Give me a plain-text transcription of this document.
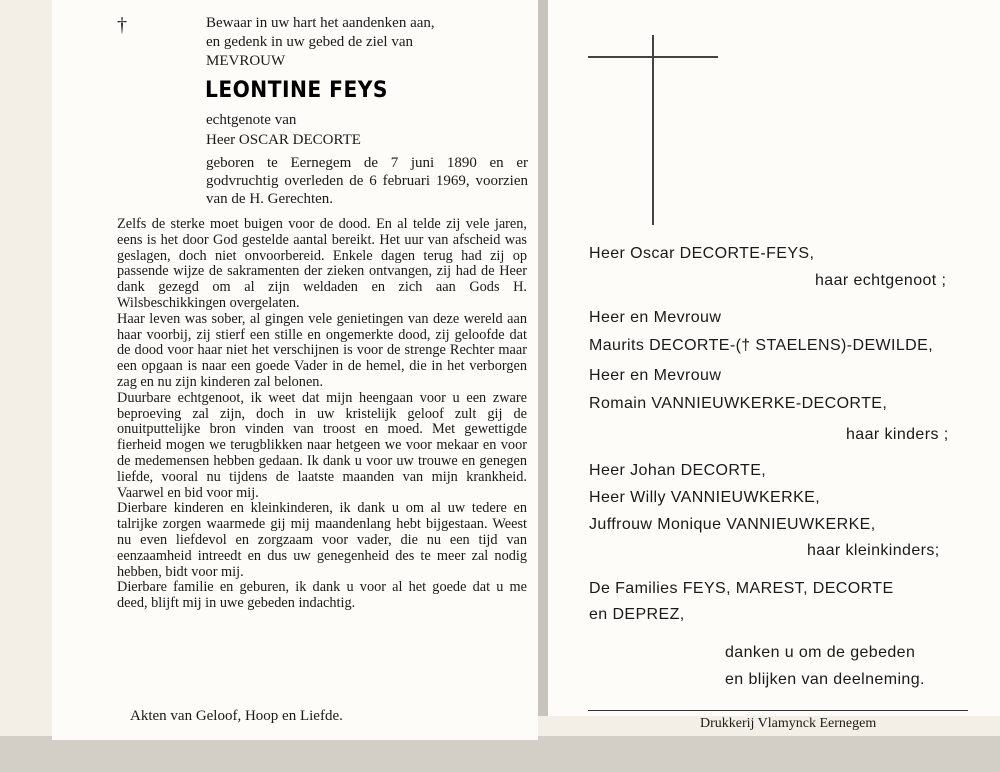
†	Bewaar in uw hart het aandenken aan,
en gedenk in uw gebed de ziel van
MEVROUW
LEONTINE FEYS
echtgenote van
Heer OSCAR DECORTE
geboren te Eernegem de 7 juni 1890 en er godvruchtig overleden de 6 februari 1969, voorzien van de H. Gerechten.

Zelfs de sterke moet buigen voor de dood. En al telde zij vele jaren, eens is het door God gestelde aantal bereikt. Het uur van afscheid was geslagen, doch niet onvoorbereid. Enkele dagen terug had zij op passende wijze de sakramenten der zieken ontvangen, zij had de Heer dank gezegd om al zijn weldaden en zich aan Gods H. Wilsbeschikkingen overgelaten.

Haar leven was sober, al gingen vele genietingen van deze wereld aan haar voorbij, zij stierf een stille en ongemerkte dood, zij geloofde dat de dood voor haar niet het verschijnen is voor de strenge Rechter maar een opgaan is naar een goede Vader in de hemel, die in het verborgen zag en nu zijn kinderen zal belonen.

Duurbare echtgenoot, ik weet dat mijn heengaan voor u een zware beproeving zal zijn, doch in uw kristelijk geloof zult gij de onuitputtelijke bron vinden van troost en moed. Met gewettigde fierheid mogen we terugblikken naar hetgeen we voor mekaar en voor de medemensen hebben gedaan. Ik dank u voor uw trouwe en genegen liefde, vooral nu tijdens de laatste maanden van mijn krankheid. Vaarwel en bid voor mij.

Dierbare kinderen en kleinkinderen, ik dank u om al uw tedere en talrijke zorgen waarmede gij mij maandenlang hebt bijgestaan. Weest nu even liefdevol en zorgzaam voor vader, die nu een tijd van eenzaamheid intreedt en dus uw genegenheid des te meer zal nodig hebben, bidt voor mij.

Dierbare familie en geburen, ik dank u voor al het goede dat u me deed, blijft mij in uwe gebeden indachtig.

Akten van Geloof, Hoop en Liefde.
Heer Oscar DECORTE-FEYS,
haar echtgenoot ;
Heer en Mevrouw
Maurits DECORTE-(† STAELENS)-DEWILDE,
Heer en Mevrouw
Romain VANNIEUWKERKE-DECORTE,
haar kinders ;
Heer Johan DECORTE,
Heer Willy VANNIEUWKERKE,
Juffrouw Monique VANNIEUWKERKE,
haar kleinkinders;
De Families FEYS, MAREST, DECORTE
en DEPREZ,
danken u om de gebeden
en blijken van deelneming.
Drukkerij Vlamynck Eernegem
